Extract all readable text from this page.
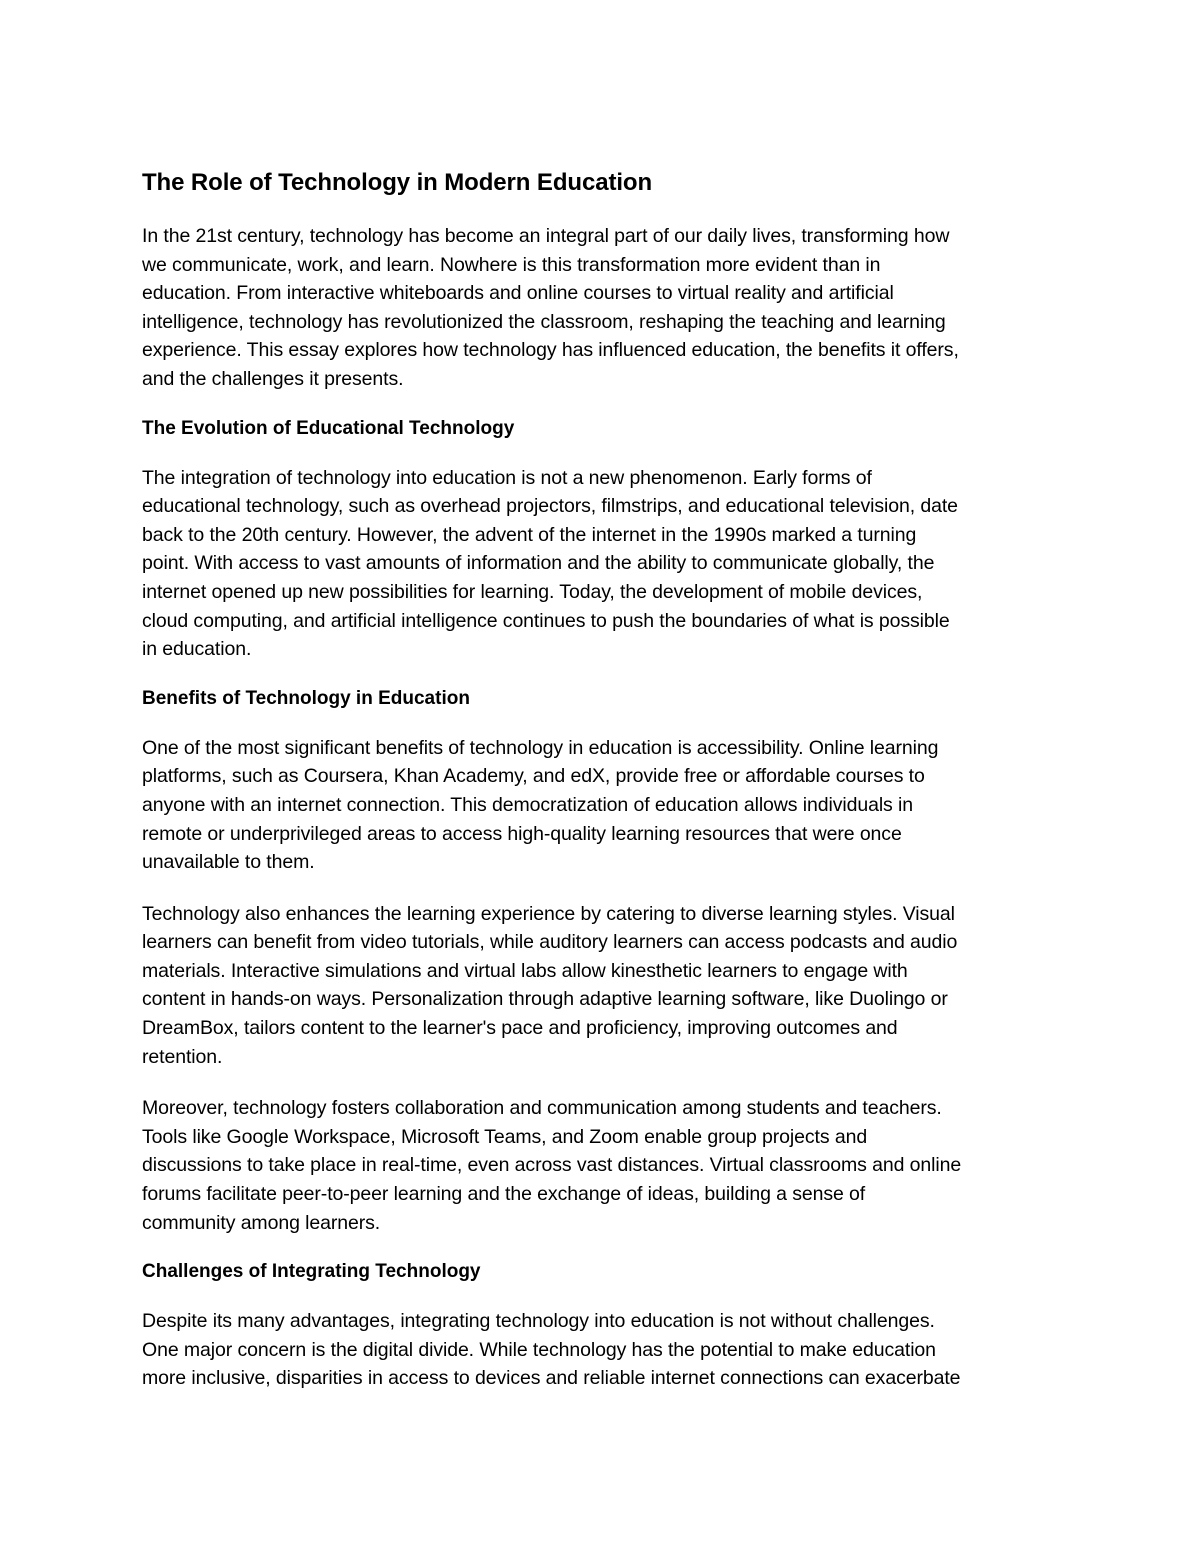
The Role of Technology in Modern Education

In the 21st century, technology has become an integral part of our daily lives, transforming how
we communicate, work, and learn. Nowhere is this transformation more evident than in
education. From interactive whiteboards and online courses to virtual reality and artificial
intelligence, technology has revolutionized the classroom, reshaping the teaching and learning
experience. This essay explores how technology has influenced education, the benefits it offers,
and the challenges it presents.

The Evolution of Educational Technology

The integration of technology into education is not a new phenomenon. Early forms of
educational technology, such as overhead projectors, filmstrips, and educational television, date
back to the 20th century. However, the advent of the internet in the 1990s marked a turning
point. With access to vast amounts of information and the ability to communicate globally, the
internet opened up new possibilities for learning. Today, the development of mobile devices,
cloud computing, and artificial intelligence continues to push the boundaries of what is possible
in education.

Benefits of Technology in Education

One of the most significant benefits of technology in education is accessibility. Online learning
platforms, such as Coursera, Khan Academy, and edX, provide free or affordable courses to
anyone with an internet connection. This democratization of education allows individuals in
remote or underprivileged areas to access high-quality learning resources that were once
unavailable to them.

Technology also enhances the learning experience by catering to diverse learning styles. Visual
learners can benefit from video tutorials, while auditory learners can access podcasts and audio
materials. Interactive simulations and virtual labs allow kinesthetic learners to engage with
content in hands-on ways. Personalization through adaptive learning software, like Duolingo or
DreamBox, tailors content to the learner's pace and proficiency, improving outcomes and
retention.

Moreover, technology fosters collaboration and communication among students and teachers.
Tools like Google Workspace, Microsoft Teams, and Zoom enable group projects and
discussions to take place in real-time, even across vast distances. Virtual classrooms and online
forums facilitate peer-to-peer learning and the exchange of ideas, building a sense of
community among learners.

Challenges of Integrating Technology

Despite its many advantages, integrating technology into education is not without challenges.
One major concern is the digital divide. While technology has the potential to make education
more inclusive, disparities in access to devices and reliable internet connections can exacerbate
